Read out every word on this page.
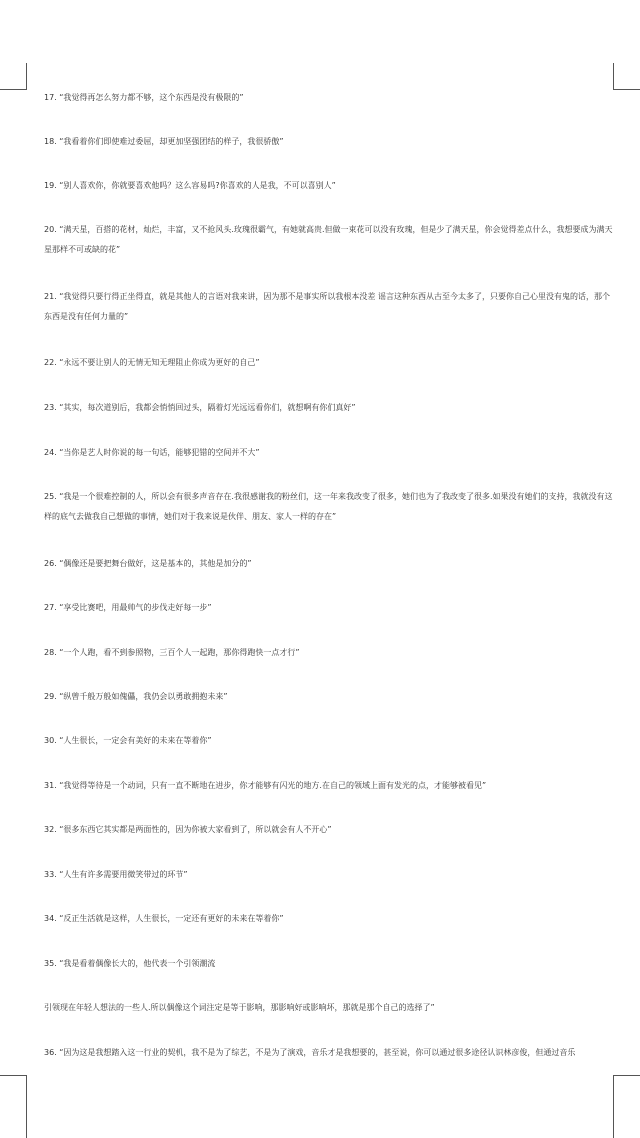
17. “我觉得再怎么努力都不够，这个东西是没有极限的”
18. “我看着你们即使难过委屈，却更加坚强团结的样子，我很骄傲”
19. “别人喜欢你，你就要喜欢他吗？这么容易吗?你喜欢的人是我，不可以喜别人”
20. “满天星，百搭的花材，灿烂，丰富，又不抢风头.玫瑰很霸气，有她就高贵.但做一束花可以没有玫瑰，但是少了满天星，你会觉得差点什么，我想要成为满天星那样不可或缺的花”
21. “我觉得只要行得正坐得直，就是其他人的言语对我来讲，因为那不是事实所以我根本没差 谣言这种东西从古至今太多了，只要你自己心里没有鬼的话，那个东西是没有任何力量的”
22. “永远不要让别人的无情无知无理阻止你成为更好的自己”
23. “其实，每次道别后，我都会悄悄回过头，隔着灯光远远看你们，就想啊有你们真好”
24. “当你是艺人时你说的每一句话，能够犯错的空间并不大”
25. “我是一个很难控制的人，所以会有很多声音存在.我很感谢我的粉丝们，这一年来我改变了很多，她们也为了我改变了很多.如果没有她们的支持，我就没有这样的底气去做我自己想做的事情，她们对于我来说是伙伴、朋友、家人一样的存在”
26. “偶像还是要把舞台做好，这是基本的，其他是加分的”
27. “享受比赛吧，用最帅气的步伐走好每一步”
28. “一个人跑，看不到参照物，三百个人一起跑，那你得跑快一点才行”
29. “纵曾千般万般如傀儡，我仍会以勇敢拥抱未来”
30. “人生很长，一定会有美好的未来在等着你”
31. “我觉得等待是一个动词，只有一直不断地在进步，你才能够有闪光的地方.在自己的领域上面有发光的点，才能够被看见”
32. “很多东西它其实都是两面性的，因为你被大家看到了，所以就会有人不开心”
33. “人生有许多需要用微笑带过的环节”
34. “反正生活就是这样，人生很长，一定还有更好的未来在等着你”
35. “我是看着偶像长大的，他代表一个引领潮流
引领现在年轻人想法的一些人.所以偶像这个词注定是等于影响，那影响好或影响坏，那就是那个自己的选择了”
36. “因为这是我想踏入这一行业的契机，我不是为了综艺，不是为了演戏，音乐才是我想要的，甚至说，你可以通过很多途径认识林彦俊，但通过音乐
